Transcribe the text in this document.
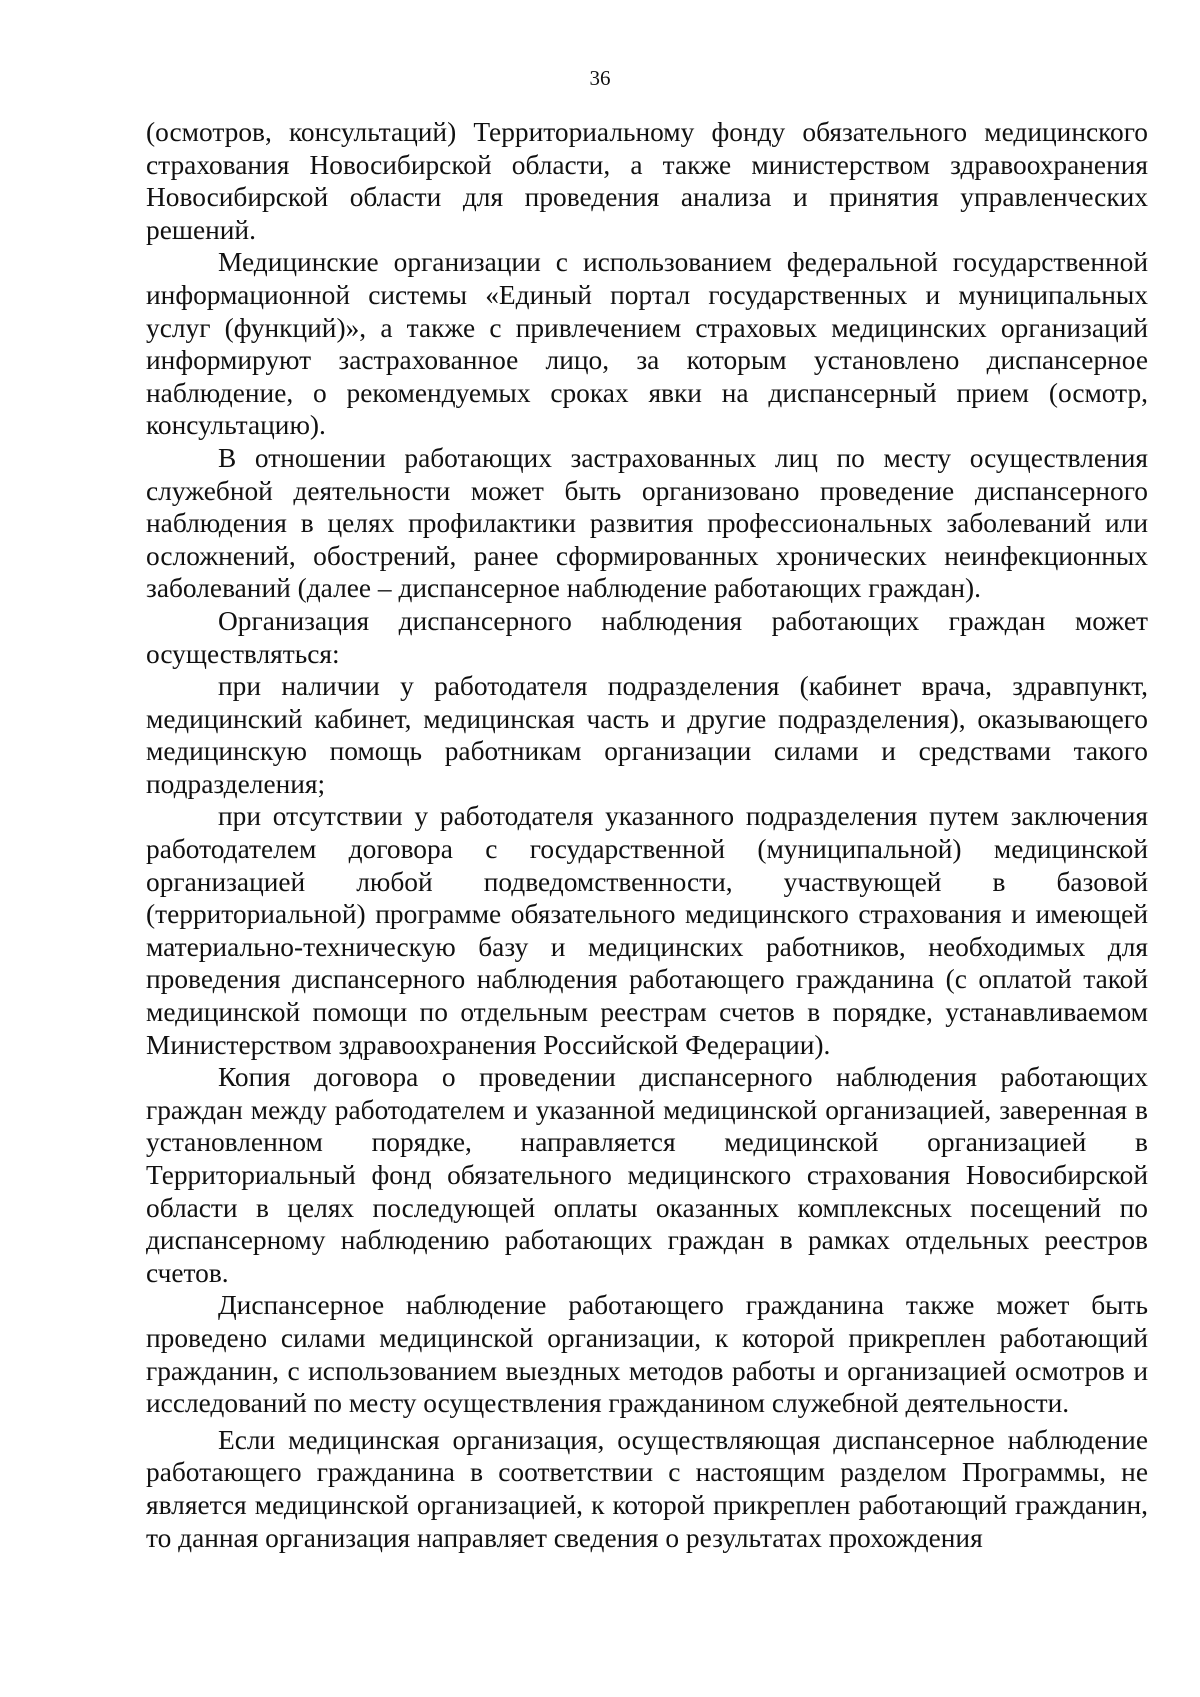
36

(осмотров, консультаций) Территориальному фонду обязательного медицинского страхования Новосибирской области, а также министерством здравоохранения Новосибирской области для проведения анализа и принятия управленческих решений.

Медицинские организации с использованием федеральной государственной информационной системы «Единый портал государственных и муниципальных услуг (функций)», а также с привлечением страховых медицинских организаций информируют застрахованное лицо, за которым установлено диспансерное наблюдение, о рекомендуемых сроках явки на диспансерный прием (осмотр, консультацию).

В отношении работающих застрахованных лиц по месту осуществления служебной деятельности может быть организовано проведение диспансерного наблюдения в целях профилактики развития профессиональных заболеваний или осложнений, обострений, ранее сформированных хронических неинфекционных заболеваний (далее – диспансерное наблюдение работающих граждан).

Организация диспансерного наблюдения работающих граждан может осуществляться:

при наличии у работодателя подразделения (кабинет врача, здравпункт, медицинский кабинет, медицинская часть и другие подразделения), оказывающего медицинскую помощь работникам организации силами и средствами такого подразделения;

при отсутствии у работодателя указанного подразделения путем заключения работодателем договора с государственной (муниципальной) медицинской организацией любой подведомственности, участвующей в базовой (территориальной) программе обязательного медицинского страхования и имеющей материально-техническую базу и медицинских работников, необходимых для проведения диспансерного наблюдения работающего гражданина (с оплатой такой медицинской помощи по отдельным реестрам счетов в порядке, устанавливаемом Министерством здравоохранения Российской Федерации).

Копия договора о проведении диспансерного наблюдения работающих граждан между работодателем и указанной медицинской организацией, заверенная в установленном порядке, направляется медицинской организацией в Территориальный фонд обязательного медицинского страхования Новосибирской области в целях последующей оплаты оказанных комплексных посещений по диспансерному наблюдению работающих граждан в рамках отдельных реестров счетов.

Диспансерное наблюдение работающего гражданина также может быть проведено силами медицинской организации, к которой прикреплен работающий гражданин, с использованием выездных методов работы и организацией осмотров и исследований по месту осуществления гражданином служебной деятельности.

Если медицинская организация, осуществляющая диспансерное наблюдение работающего гражданина в соответствии с настоящим разделом Программы, не является медицинской организацией, к которой прикреплен работающий гражданин, то данная организация направляет сведения о результатах прохождения
